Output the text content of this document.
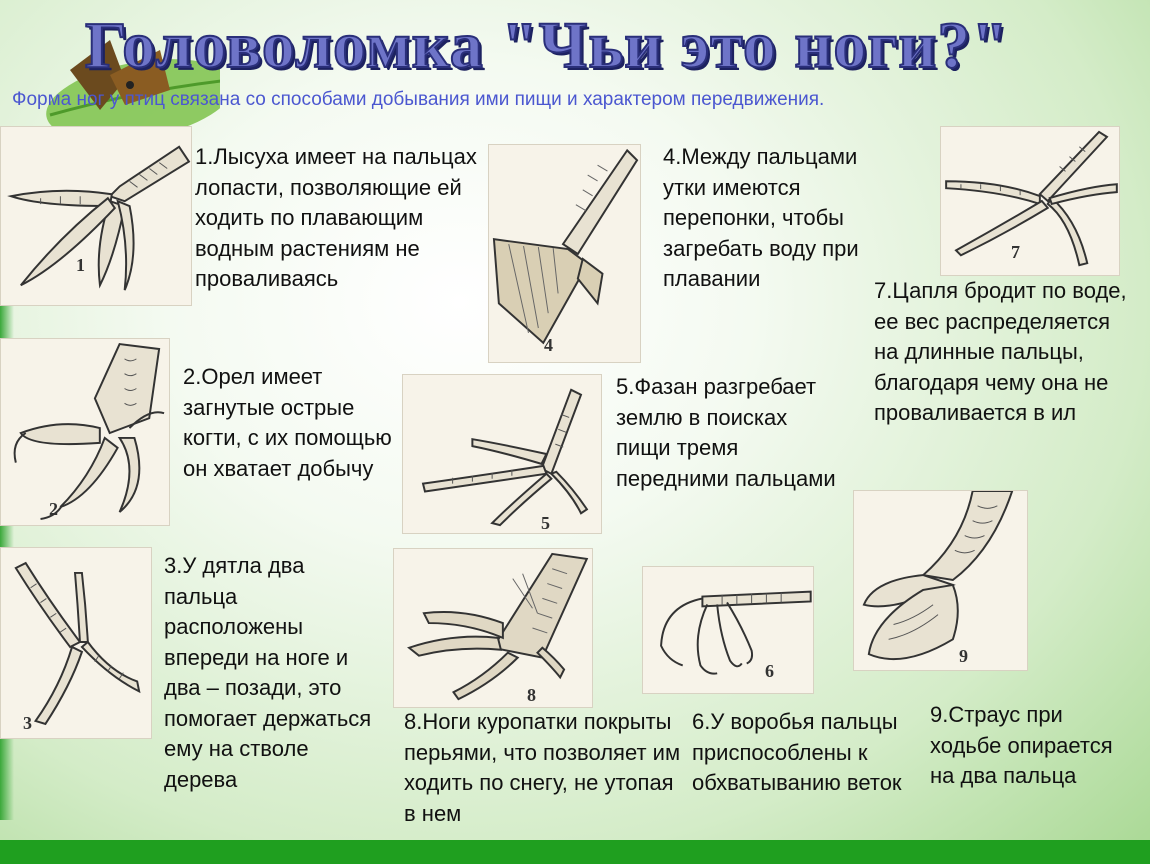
Головоломка "Чьи это ноги?"

Форма ног у птиц связана со способами добывания ими пищи и характером передвижения.

1

1.Лысуха имеет на пальцах лопасти, позволяющие ей ходить по плавающим водным растениям не проваливаясь

2

2.Орел имеет загнутые острые когти, с их помощью он хватает добычу

3

3.У дятла два пальца расположены впереди на ноге и два – позади, это помогает держаться ему на стволе дерева

4

4.Между пальцами утки имеются перепонки, чтобы загребать воду при плавании

5

5.Фазан разгребает землю в поисках пищи тремя передними пальцами

6

6.У воробья пальцы приспособлены к обхватыванию веток

7

7.Цапля бродит по воде, ее вес распределяется на длинные пальцы, благодаря чему она не проваливается в ил

8

8.Ноги куропатки покрыты перьями, что позволяет им ходить по снегу, не утопая в нем

9

9.Страус при ходьбе опирается на два пальца
